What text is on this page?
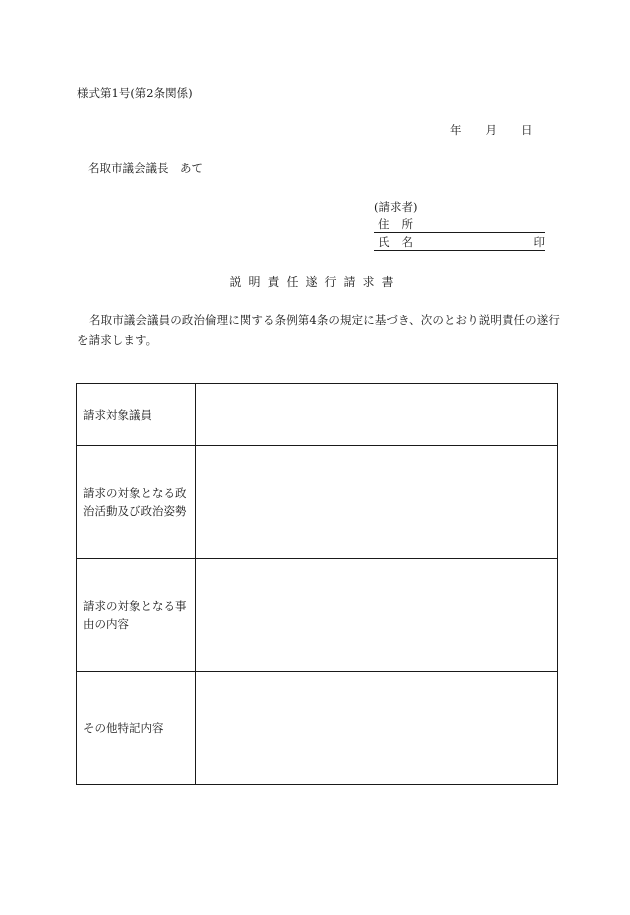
様式第1号(第2条関係)
年 月 日
名取市議会議長　あて
(請求者)
住所
氏名	印
説明責任遂行請求書
名取市議会議員の政治倫理に関する条例第4条の規定に基づき、次のとおり説明責任の遂行を請求します。
請求対象議員	
請求の対象となる政治活動及び政治姿勢	
請求の対象となる事由の内容	
その他特記内容	
